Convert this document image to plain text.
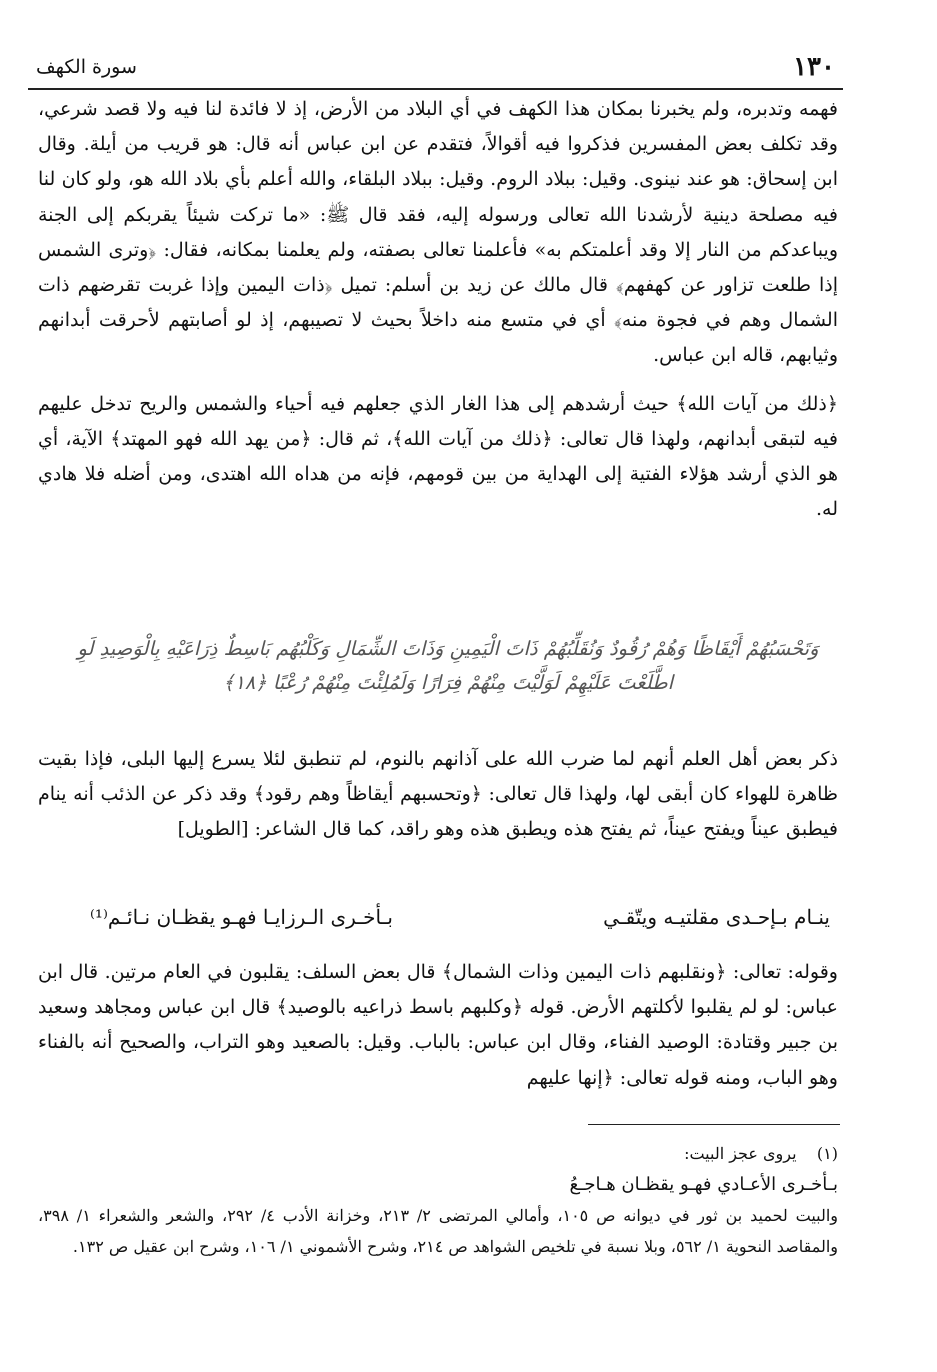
١٣٠
سورة الكهف

فهمه وتدبره، ولم يخبرنا بمكان هذا الكهف في أي البلاد من الأرض، إذ لا فائدة لنا فيه ولا قصد شرعي، وقد تكلف بعض المفسرين فذكروا فيه أقوالاً، فتقدم عن ابن عباس أنه قال: هو قريب من أيلة. وقال ابن إسحاق: هو عند نينوى. وقيل: ببلاد الروم. وقيل: ببلاد البلقاء، والله أعلم بأي بلاد الله هو، ولو كان لنا فيه مصلحة دينية لأرشدنا الله تعالى ورسوله إليه، فقد قال ﷺ: «ما تركت شيئاً يقربكم إلى الجنة ويباعدكم من النار إلا وقد أعلمتكم به» فأعلمنا تعالى بصفته، ولم يعلمنا بمكانه، فقال: ﴿وترى الشمس إذا طلعت تزاور عن كهفهم﴾ قال مالك عن زيد بن أسلم: تميل ﴿ذات اليمين وإذا غربت تقرضهم ذات الشمال وهم في فجوة منه﴾ أي في متسع منه داخلاً بحيث لا تصيبهم، إذ لو أصابتهم لأحرقت أبدانهم وثيابهم، قاله ابن عباس.

﴿ذلك من آيات الله﴾ حيث أرشدهم إلى هذا الغار الذي جعلهم فيه أحياء والشمس والريح تدخل عليهم فيه لتبقى أبدانهم، ولهذا قال تعالى: ﴿ذلك من آيات الله﴾، ثم قال: ﴿من يهد الله فهو المهتد﴾ الآية، أي هو الذي أرشد هؤلاء الفتية إلى الهداية من بين قومهم، فإنه من هداه الله اهتدى، ومن أضله فلا هادي له.

وَتَحْسَبُهُمْ أَيْقَاظًا وَهُمْ رُقُودٌ وَنُقَلِّبُهُمْ ذَاتَ الْيَمِينِ وَذَاتَ الشِّمَالِ وَكَلْبُهُم بَاسِطٌ ذِرَاعَيْهِ بِالْوَصِيدِ لَوِ
اطَّلَعْتَ عَلَيْهِمْ لَوَلَّيْتَ مِنْهُمْ فِرَارًا وَلَمُلِئْتَ مِنْهُمْ رُعْبًا ﴿١٨﴾

ذكر بعض أهل العلم أنهم لما ضرب الله على آذانهم بالنوم، لم تنطبق لئلا يسرع إليها البلى، فإذا بقيت ظاهرة للهواء كان أبقى لها، ولهذا قال تعالى: ﴿وتحسبهم أيقاظاً وهم رقود﴾ وقد ذكر عن الذئب أنه ينام فيطبق عيناً ويفتح عيناً، ثم يفتح هذه ويطبق هذه وهو راقد، كما قال الشاعر: [الطويل]

ينـام بـإحـدى مقلتيـه ويتّقـي
بـأخـرى الـرزايـا فهـو يقظـان نـائـم⁽¹⁾

وقوله: تعالى: ﴿ونقلبهم ذات اليمين وذات الشمال﴾ قال بعض السلف: يقلبون في العام مرتين. قال ابن عباس: لو لم يقلبوا لأكلتهم الأرض. قوله ﴿وكلبهم باسط ذراعيه بالوصيد﴾ قال ابن عباس ومجاهد وسعيد بن جبير وقتادة: الوصيد الفناء، وقال ابن عباس: بالباب. وقيل: بالصعيد وهو التراب، والصحيح أنه بالفناء وهو الباب، ومنه قوله تعالى: ﴿إنها عليهم

(١)    يروى عجز البيت:
بـأخـرى الأعـادي فهـو يقظـان هـاجـعُ
والبيت لحميد بن ثور في ديوانه ص ١٠٥، وأمالي المرتضى ٢/ ٢١٣، وخزانة الأدب ٤/ ٢٩٢، والشعر والشعراء ١/ ٣٩٨، والمقاصد النحوية ١/ ٥٦٢، وبلا نسبة في تلخيص الشواهد ص ٢١٤، وشرح الأشموني ١/ ١٠٦، وشرح ابن عقيل ص ١٣٢.
